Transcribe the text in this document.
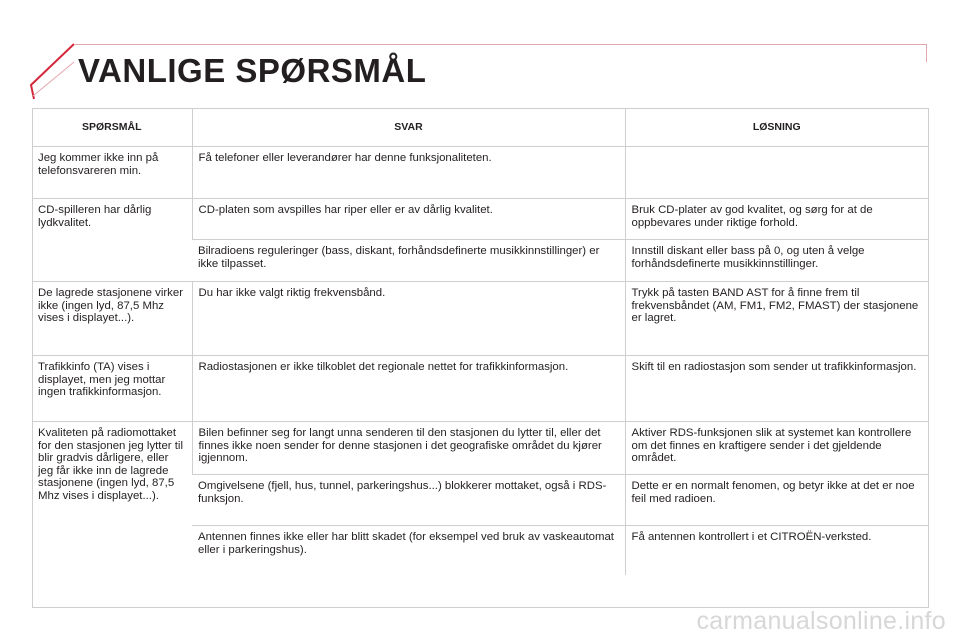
VANLIGE SPØRSMÅL
SPØRSMÅL	SVAR	LØSNING
Jeg kommer ikke inn på telefonsvareren min.	Få telefoner eller leverandører har denne funksjonaliteten.	
CD-spilleren har dårlig lydkvalitet.	CD-platen som avspilles har riper eller er av dårlig kvalitet.	Bruk CD-plater av god kvalitet, og sørg for at de oppbevares under riktige forhold.
	Bilradioens reguleringer (bass, diskant, forhåndsdefinerte musikkinnstillinger) er ikke tilpasset.	Innstill diskant eller bass på 0, og uten å velge forhåndsdefinerte musikkinnstillinger.
De lagrede stasjonene virker ikke (ingen lyd, 87,5 Mhz vises i displayet...).	Du har ikke valgt riktig frekvensbånd.	Trykk på tasten BAND AST for å finne frem til frekvensbåndet (AM, FM1, FM2, FMAST) der stasjonene er lagret.
Trafikkinfo (TA) vises i displayet, men jeg mottar ingen trafikkinformasjon.	Radiostasjonen er ikke tilkoblet det regionale nettet for trafikkinformasjon.	Skift til en radiostasjon som sender ut trafikkinformasjon.
Kvaliteten på radiomottaket for den stasjonen jeg lytter til blir gradvis dårligere, eller jeg får ikke inn de lagrede stasjonene (ingen lyd, 87,5 Mhz vises i displayet...).	Bilen befinner seg for langt unna senderen til den stasjonen du lytter til, eller det finnes ikke noen sender for denne stasjonen i det geografiske området du kjører igjennom.	Aktiver RDS-funksjonen slik at systemet kan kontrollere om det finnes en kraftigere sender i det gjeldende området.
	Omgivelsene (fjell, hus, tunnel, parkeringshus...) blokkerer mottaket, også i RDS-funksjon.	Dette er en normalt fenomen, og betyr ikke at det er noe feil med radioen.
	Antennen finnes ikke eller har blitt skadet (for eksempel ved bruk av vaskeautomat eller i parkeringshus).	Få antennen kontrollert i et CITROËN-verksted.
carmanualsonline.info
